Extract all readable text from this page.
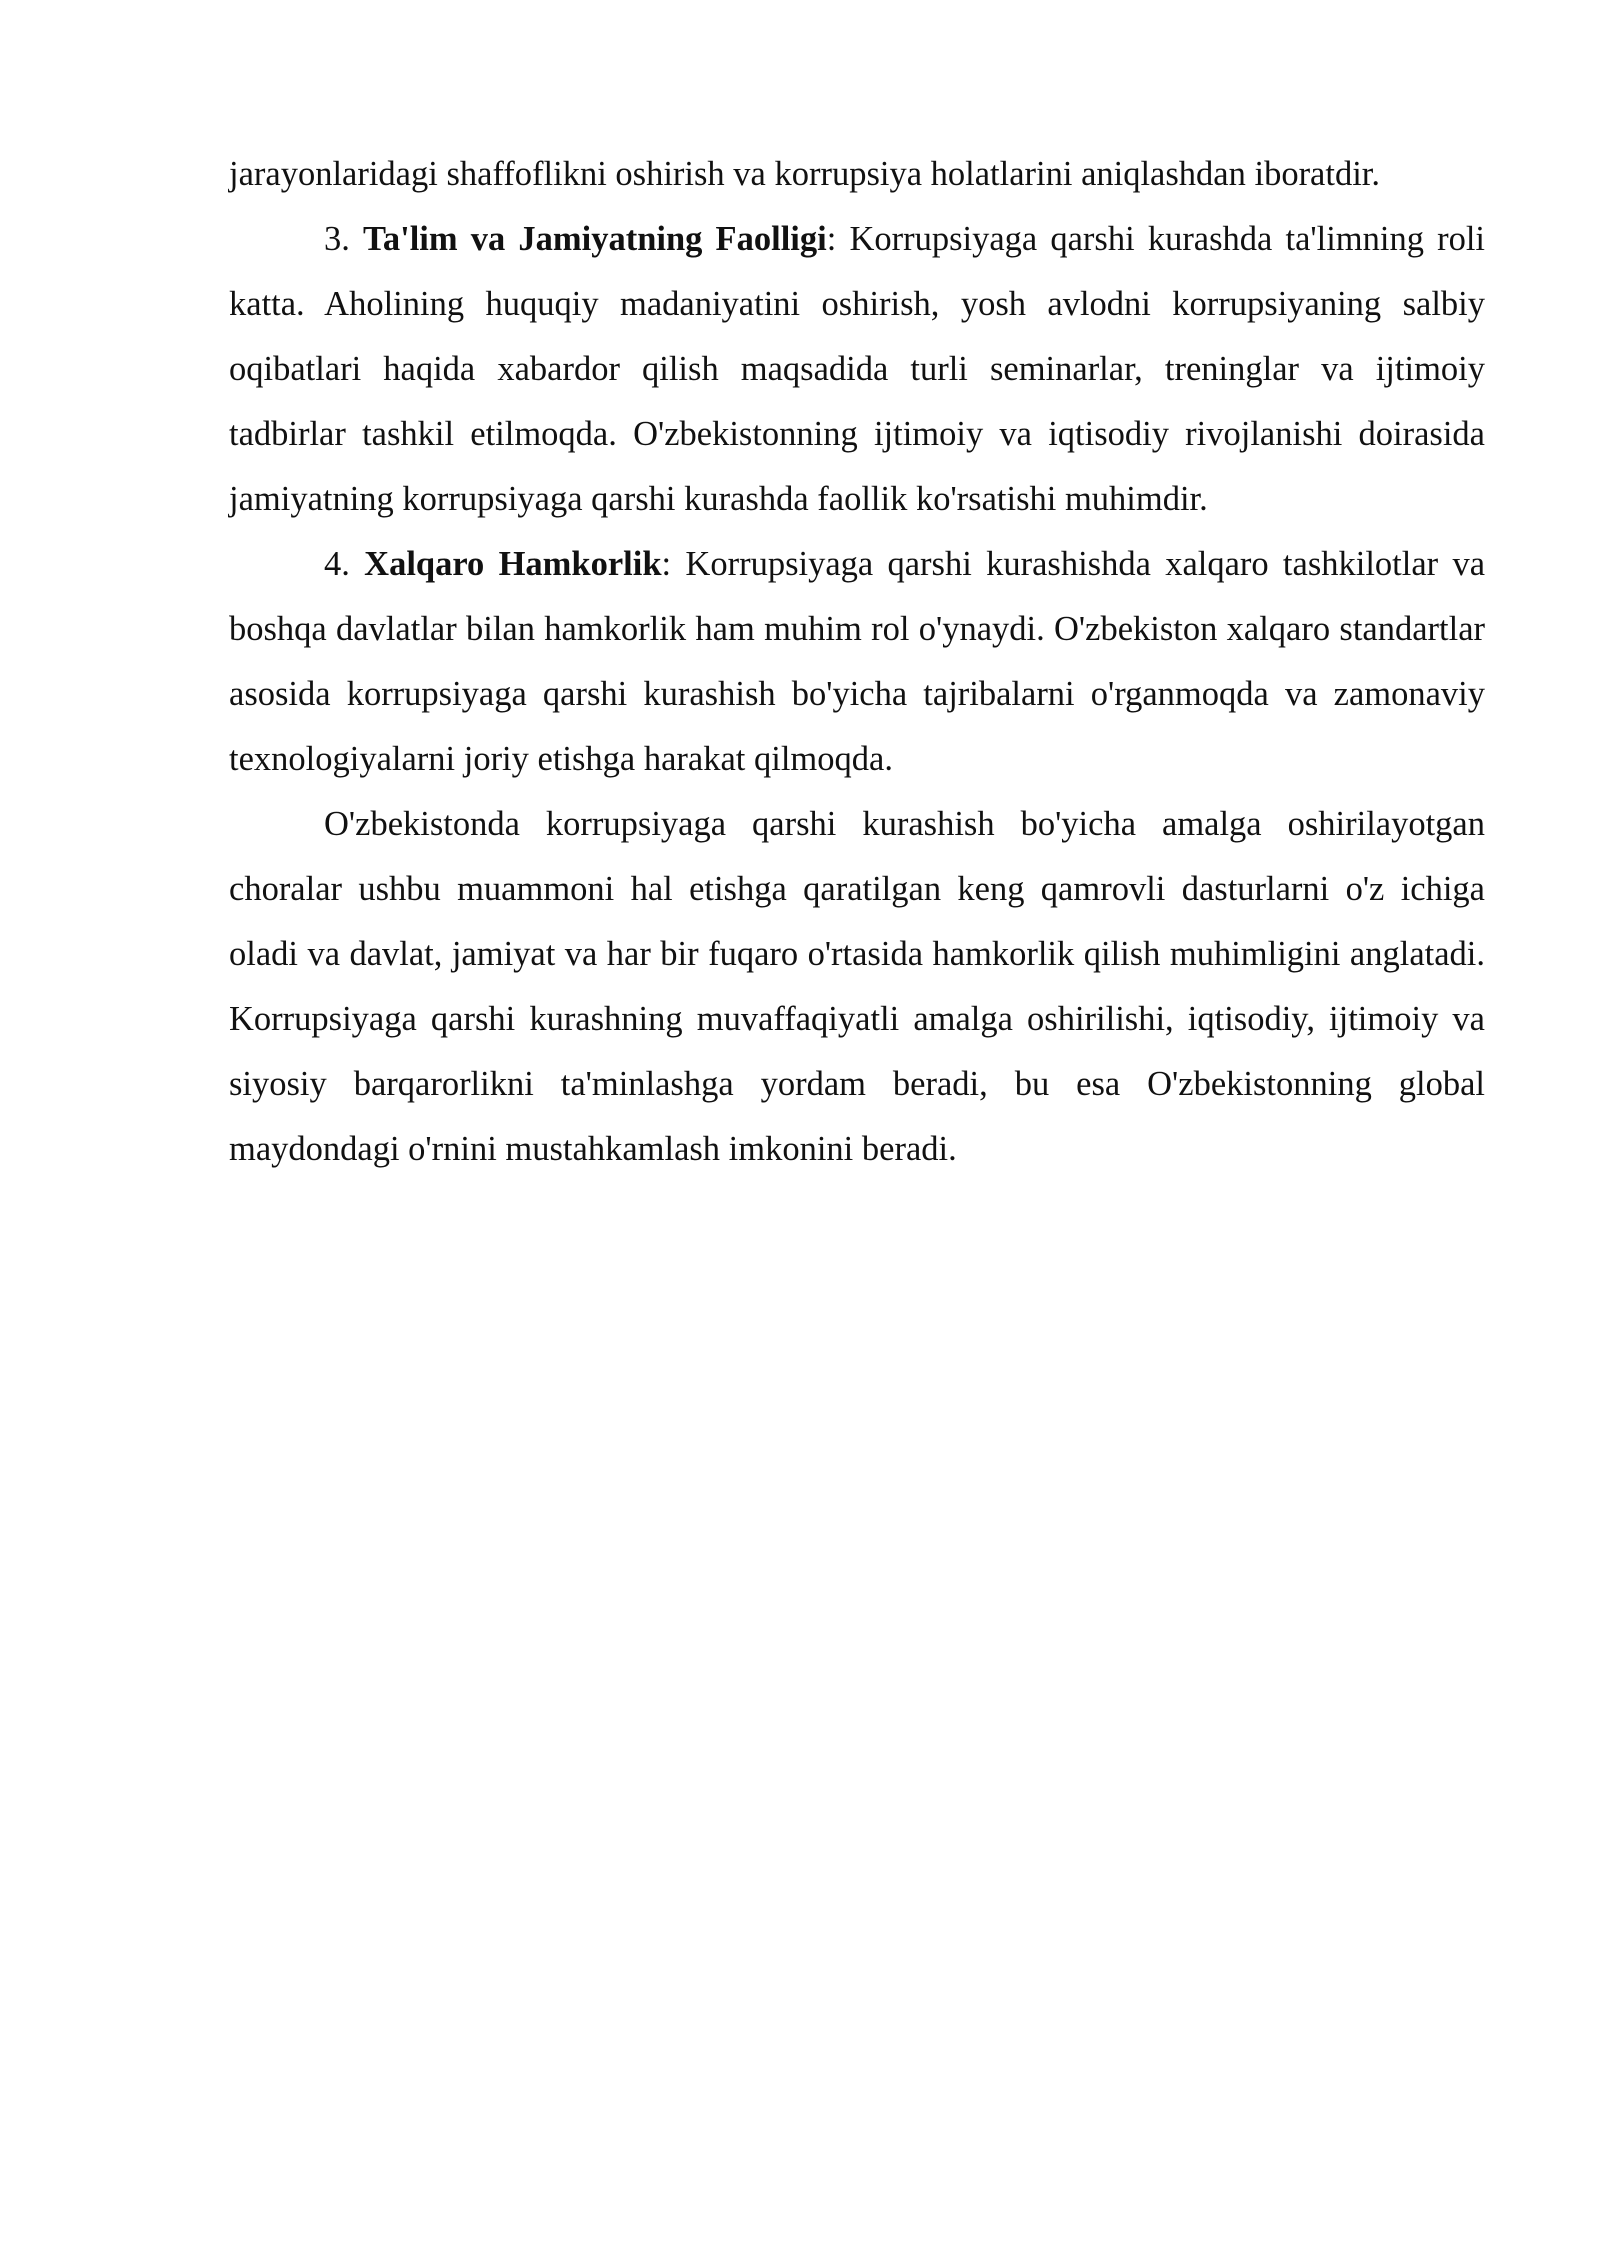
jarayonlaridagi shaffoflikni oshirish va korrupsiya holatlarini aniqlashdan iboratdir.

3. Ta'lim va Jamiyatning Faolligi: Korrupsiyaga qarshi kurashda ta'limning roli katta. Aholining huquqiy madaniyatini oshirish, yosh avlodni korrupsiyaning salbiy oqibatlari haqida xabardor qilish maqsadida turli seminarlar, treninglar va ijtimoiy tadbirlar tashkil etilmoqda. O'zbekistonning ijtimoiy va iqtisodiy rivojlanishi doirasida jamiyatning korrupsiyaga qarshi kurashda faollik ko'rsatishi muhimdir.

4. Xalqaro Hamkorlik: Korrupsiyaga qarshi kurashishda xalqaro tashkilotlar va boshqa davlatlar bilan hamkorlik ham muhim rol o'ynaydi. O'zbekiston xalqaro standartlar asosida korrupsiyaga qarshi kurashish bo'yicha tajribalarni o'rganmoqda va zamonaviy texnologiyalarni joriy etishga harakat qilmoqda.

O'zbekistonda korrupsiyaga qarshi kurashish bo'yicha amalga oshirilayotgan choralar ushbu muammoni hal etishga qaratilgan keng qamrovli dasturlarni o'z ichiga oladi va davlat, jamiyat va har bir fuqaro o'rtasida hamkorlik qilish muhimligini anglatadi. Korrupsiyaga qarshi kurashning muvaffaqiyatli amalga oshirilishi, iqtisodiy, ijtimoiy va siyosiy barqarorlikni ta'minlashga yordam beradi, bu esa O'zbekistonning global maydondagi o'rnini mustahkamlash imkonini beradi.
